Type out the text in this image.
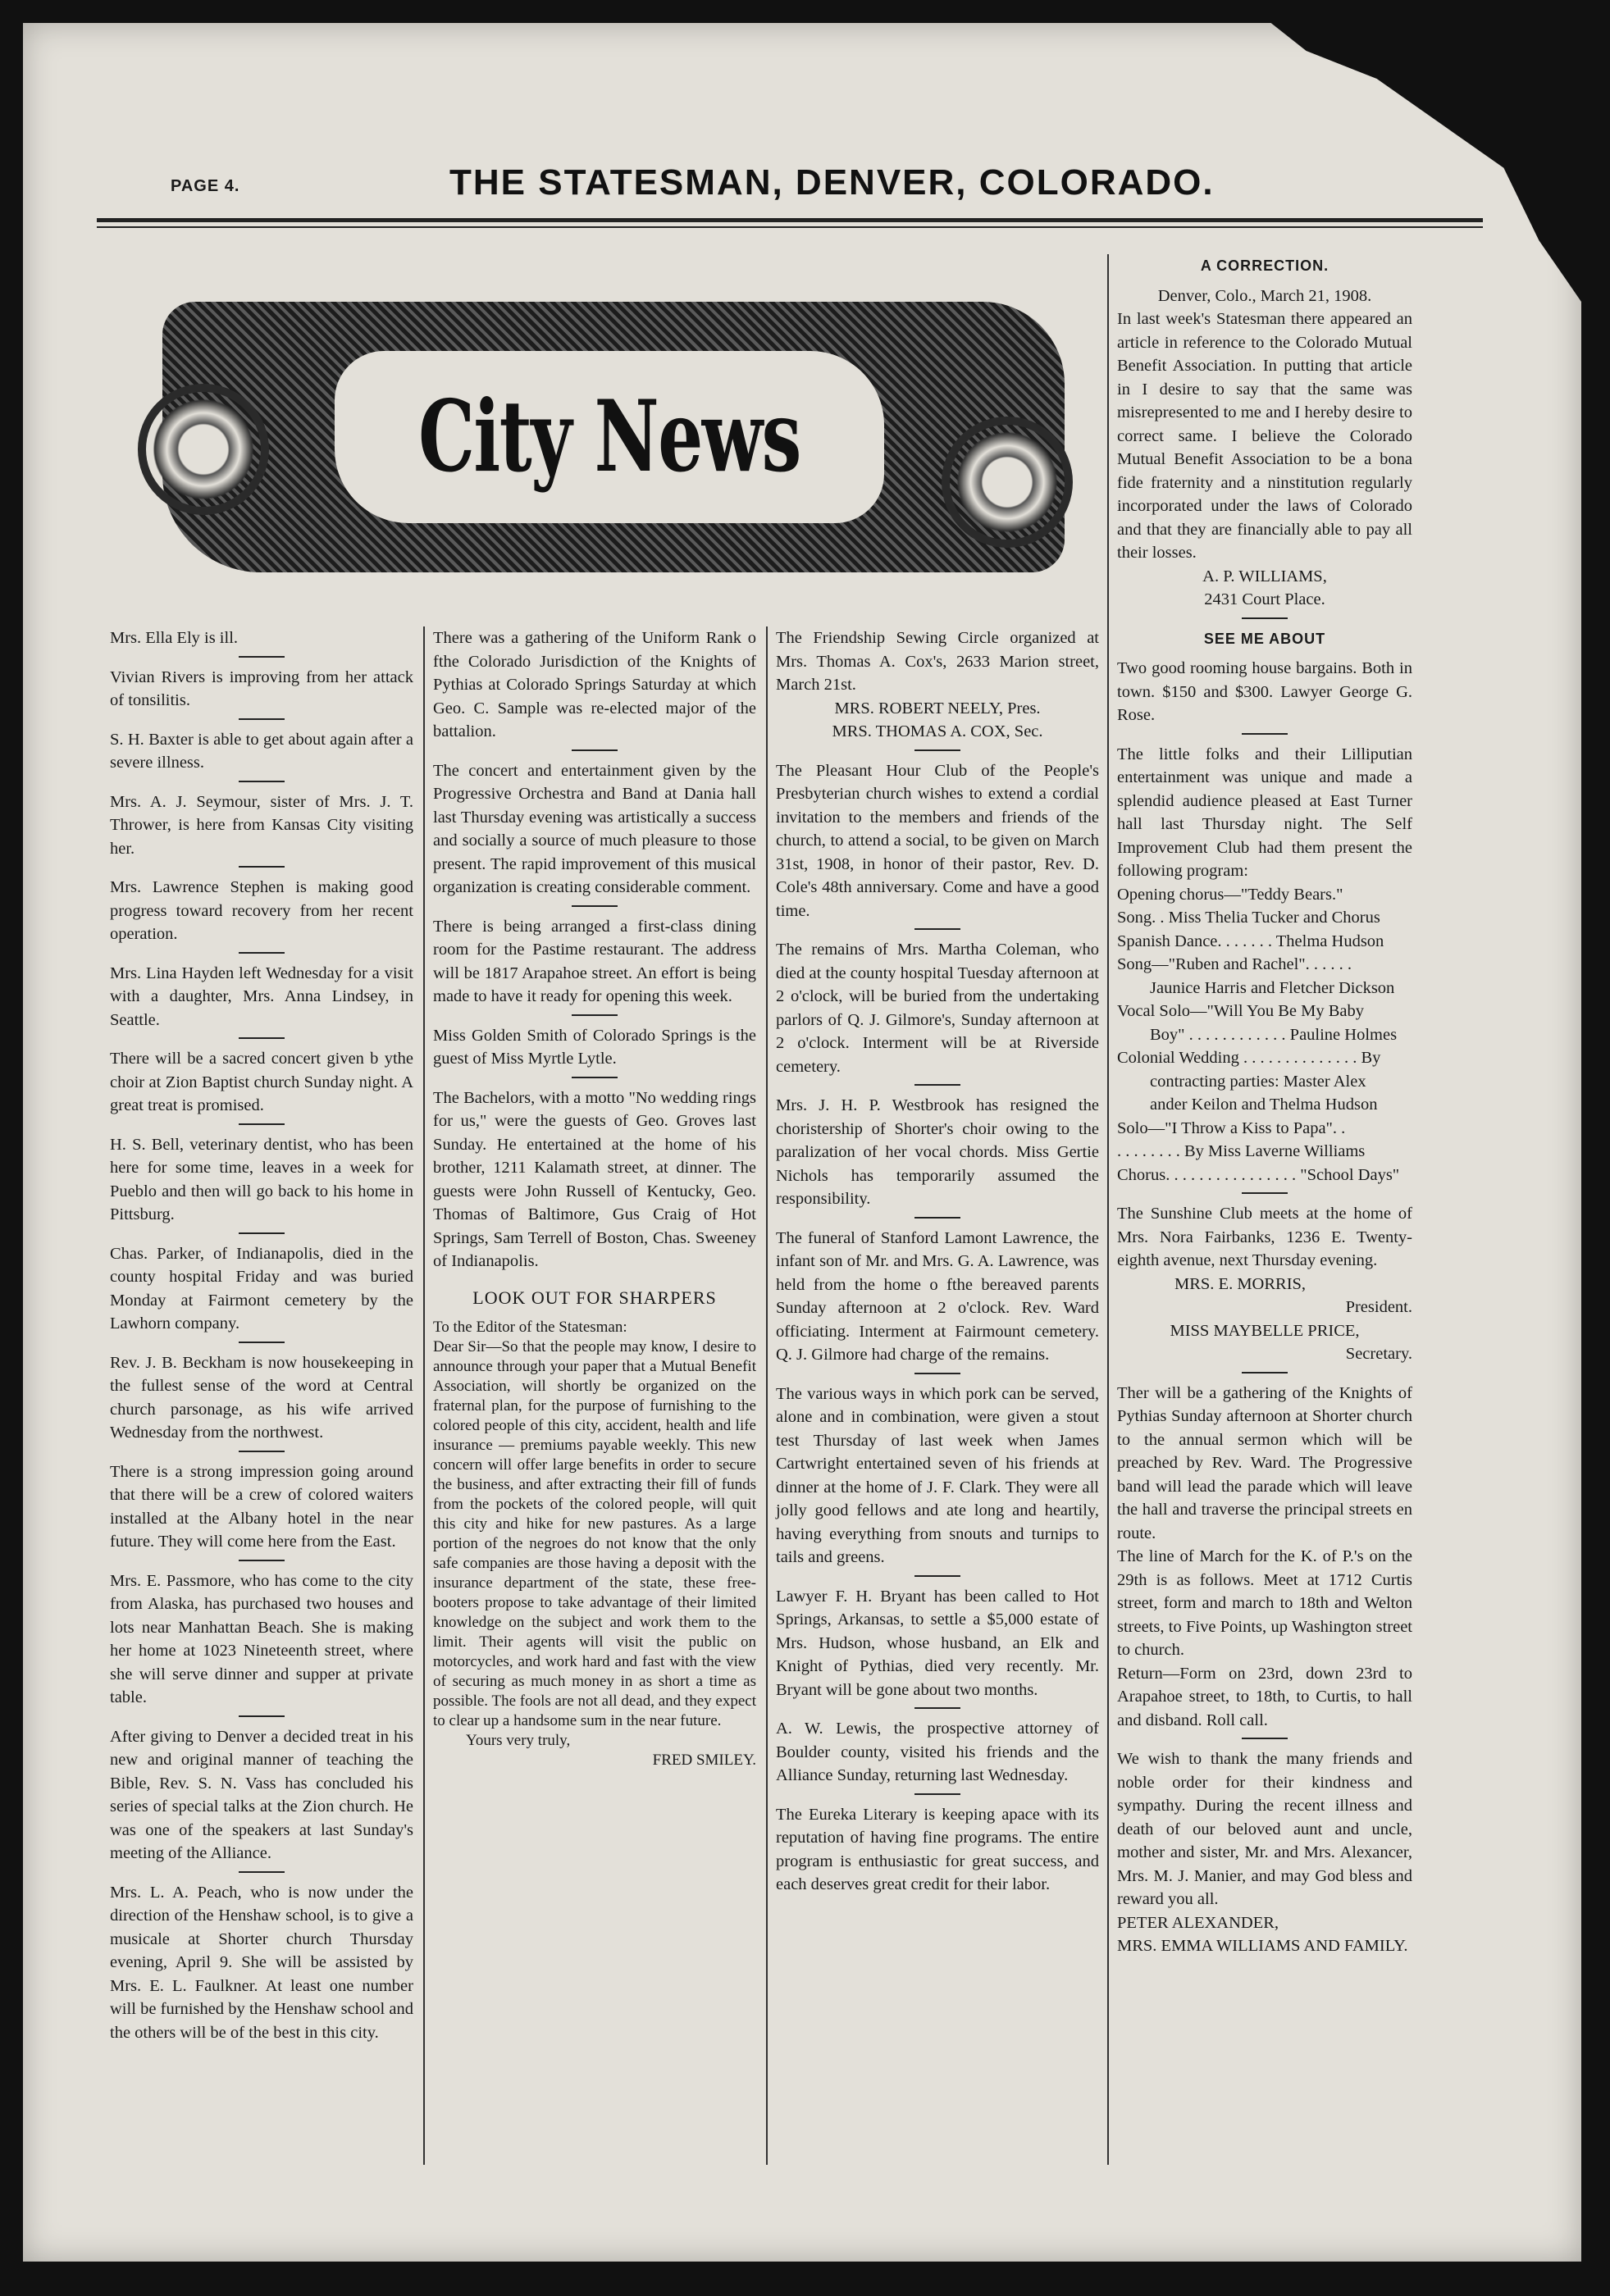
PAGE 4.	THE STATESMAN, DENVER, COLORADO.
City News

Mrs. Ella Ely is ill.

Vivian Rivers is improving from her attack of tonsilitis.

S. H. Baxter is able to get about again after a severe illness.

Mrs. A. J. Seymour, sister of Mrs. J. T. Thrower, is here from Kansas City visiting her.

Mrs. Lawrence Stephen is making good progress toward recovery from her recent operation.

Mrs. Lina Hayden left Wednesday for a visit with a daughter, Mrs. Anna Lindsey, in Seattle.

There will be a sacred concert given b ythe choir at Zion Baptist church Sunday night. A great treat is promised.

H. S. Bell, veterinary dentist, who has been here for some time, leaves in a week for Pueblo and then will go back to his home in Pittsburg.

Chas. Parker, of Indianapolis, died in the county hospital Friday and was buried Monday at Fairmont cemetery by the Lawhorn company.

Rev. J. B. Beckham is now housekeeping in the fullest sense of the word at Central church parsonage, as his wife arrived Wednesday from the northwest.

There is a strong impression going around that there will be a crew of colored waiters installed at the Albany hotel in the near future. They will come here from the East.

Mrs. E. Passmore, who has come to the city from Alaska, has purchased two houses and lots near Manhattan Beach. She is making her home at 1023 Nineteenth street, where she will serve dinner and supper at private table.

After giving to Denver a decided treat in his new and original manner of teaching the Bible, Rev. S. N. Vass has concluded his series of special talks at the Zion church. He was one of the speakers at last Sunday's meeting of the Alliance.

Mrs. L. A. Peach, who is now under the direction of the Henshaw school, is to give a musicale at Shorter church Thursday evening, April 9. She will be assisted by Mrs. E. L. Faulkner. At least one number will be furnished by the Henshaw school and the others will be of the best in this city.

There was a gathering of the Uniform Rank o fthe Colorado Jurisdiction of the Knights of Pythias at Colorado Springs Saturday at which Geo. C. Sample was re-elected major of the battalion.

The concert and entertainment given by the Progressive Orchestra and Band at Dania hall last Thursday evening was artistically a success and socially a source of much pleasure to those present. The rapid improvement of this musical organization is creating considerable comment.

There is being arranged a first-class dining room for the Pastime restaurant. The address will be 1817 Arapahoe street. An effort is being made to have it ready for opening this week.

Miss Golden Smith of Colorado Springs is the guest of Miss Myrtle Lytle.

The Bachelors, with a motto "No wedding rings for us," were the guests of Geo. Groves last Sunday. He entertained at the home of his brother, 1211 Kalamath street, at dinner. The guests were John Russell of Kentucky, Geo. Thomas of Baltimore, Gus Craig of Hot Springs, Sam Terrell of Boston, Chas. Sweeney of Indianapolis.

LOOK OUT FOR SHARPERS
To the Editor of the Statesman:

Dear Sir—So that the people may know, I desire to announce through your paper that a Mutual Benefit Association, will shortly be organized on the fraternal plan, for the purpose of furnishing to the colored people of this city, accident, health and life insurance — premiums payable weekly. This new concern will offer large benefits in order to secure the business, and after extracting their fill of funds from the pockets of the colored people, will quit this city and hike for new pastures. As a large portion of the negroes do not know that the only safe companies are those having a deposit with the insurance department of the state, these free-booters propose to take advantage of their limited knowledge on the subject and work them to the limit. Their agents will visit the public on motorcycles, and work hard and fast with the view of securing as much money in as short a time as possible. The fools are not all dead, and they expect to clear up a handsome sum in the near future.

Yours very truly,
FRED SMILEY.

The Friendship Sewing Circle organized at Mrs. Thomas A. Cox's, 2633 Marion street, March 21st.

MRS. ROBERT NEELY, Pres.
MRS. THOMAS A. COX, Sec.

The Pleasant Hour Club of the People's Presbyterian church wishes to extend a cordial invitation to the members and friends of the church, to attend a social, to be given on March 31st, 1908, in honor of their pastor, Rev. D. Cole's 48th anniversary. Come and have a good time.

The remains of Mrs. Martha Coleman, who died at the county hospital Tuesday afternoon at 2 o'clock, will be buried from the undertaking parlors of Q. J. Gilmore's, Sunday afternoon at 2 o'clock. Interment will be at Riverside cemetery.

Mrs. J. H. P. Westbrook has resigned the choristership of Shorter's choir owing to the paralization of her vocal chords. Miss Gertie Nichols has temporarily assumed the responsibility.

The funeral of Stanford Lamont Lawrence, the infant son of Mr. and Mrs. G. A. Lawrence, was held from the home o fthe bereaved parents Sunday afternoon at 2 o'clock. Rev. Ward officiating. Interment at Fairmount cemetery. Q. J. Gilmore had charge of the remains.

The various ways in which pork can be served, alone and in combination, were given a stout test Thursday of last week when James Cartwright entertained seven of his friends at dinner at the home of J. F. Clark. They were all jolly good fellows and ate long and heartily, having everything from snouts and turnips to tails and greens.

Lawyer F. H. Bryant has been called to Hot Springs, Arkansas, to settle a $5,000 estate of Mrs. Hudson, whose husband, an Elk and Knight of Pythias, died very recently. Mr. Bryant will be gone about two months.

A. W. Lewis, the prospective attorney of Boulder county, visited his friends and the Alliance Sunday, returning last Wednesday.

The Eureka Literary is keeping apace with its reputation of having fine programs. The entire program is enthusiastic for great success, and each deserves great credit for their labor.

A CORRECTION.
Denver, Colo., March 21, 1908.

In last week's Statesman there appeared an article in reference to the Colorado Mutual Benefit Association. In putting that article in I desire to say that the same was misrepresented to me and I hereby desire to correct same. I believe the Colorado Mutual Benefit Association to be a bona fide fraternity and a ninstitution regularly incorporated under the laws of Colorado and that they are financially able to pay all their losses.

A. P. WILLIAMS,
2431 Court Place.
SEE ME ABOUT

Two good rooming house bargains. Both in town. $150 and $300. Lawyer George G. Rose.

The little folks and their Lilliputian entertainment was unique and made a splendid audience pleased at East Turner hall last Thursday night. The Self Improvement Club had them present the following program:

Opening chorus—"Teddy Bears."
Song. . Miss Thelia Tucker and Chorus
Spanish Dance. . . . . . . Thelma Hudson
Song—"Ruben and Rachel". . . . . .
Jaunice Harris and Fletcher Dickson
Vocal Solo—"Will You Be My Baby
Boy" . . . . . . . . . . . . Pauline Holmes
Colonial Wedding . . . . . . . . . . . . . . By
contracting parties: Master Alex
ander Keilon and Thelma Hudson
Solo—"I Throw a Kiss to Papa". .
. . . . . . . . By Miss Laverne Williams
Chorus. . . . . . . . . . . . . . . . "School Days"

The Sunshine Club meets at the home of Mrs. Nora Fairbanks, 1236 E. Twenty-eighth avenue, next Thursday evening.

MRS. E. MORRIS,
President.
MISS MAYBELLE PRICE,
Secretary.

Ther will be a gathering of the Knights of Pythias Sunday afternoon at Shorter church to the annual sermon which will be preached by Rev. Ward. The Progressive band will lead the parade which will leave the hall and traverse the principal streets en route.

The line of March for the K. of P.'s on the 29th is as follows. Meet at 1712 Curtis street, form and march to 18th and Welton streets, to Five Points, up Washington street to church.

Return—Form on 23rd, down 23rd to Arapahoe street, to 18th, to Curtis, to hall and disband. Roll call.

We wish to thank the many friends and noble order for their kindness and sympathy. During the recent illness and death of our beloved aunt and uncle, mother and sister, Mr. and Mrs. Alexancer, Mrs. M. J. Manier, and may God bless and reward you all.

PETER ALEXANDER,
MRS. EMMA WILLIAMS AND FAMILY.
